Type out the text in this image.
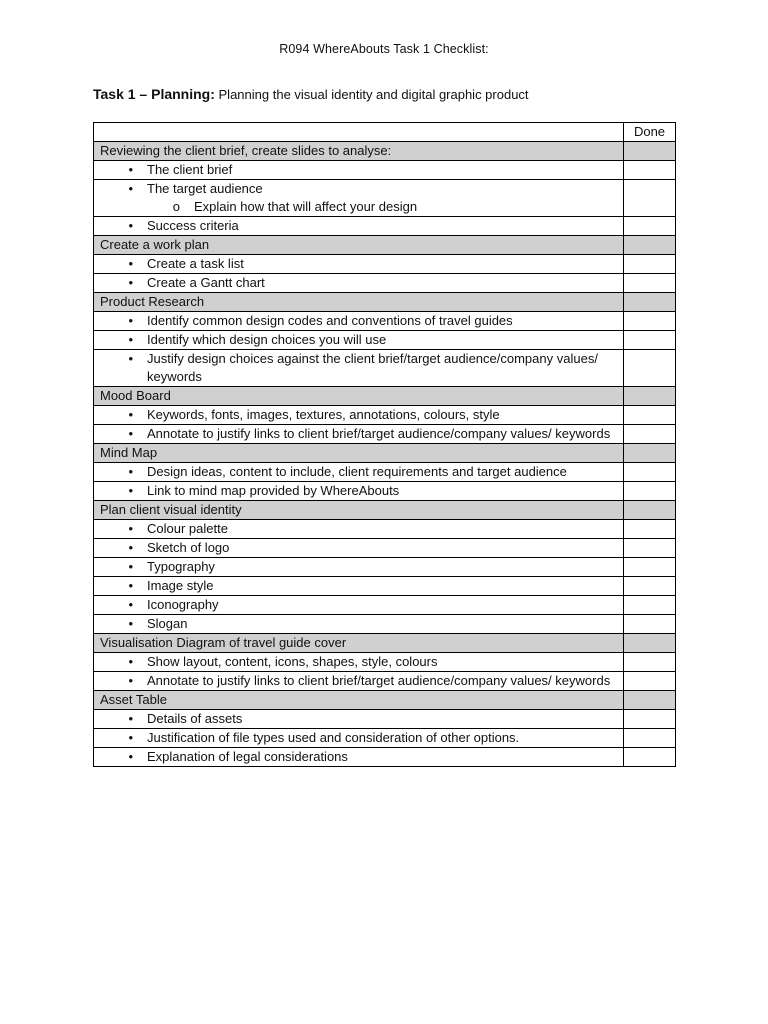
R094 WhereAbouts Task 1 Checklist:
Task 1 – Planning: Planning the visual identity and digital graphic product
	Done
Reviewing the client brief, create slides to analyse:	

• The client brief	

• The target audience
o Explain how that will affect your design	

• Success criteria	

Create a work plan	

• Create a task list	

• Create a Gantt chart	

Product Research	

• Identify common design codes and conventions of travel guides	

• Identify which design choices you will use	

• Justify design choices against the client brief/target audience/company values/ keywords	

Mood Board	

• Keywords, fonts, images, textures, annotations, colours, style	

• Annotate to justify links to client brief/target audience/company values/ keywords	

Mind Map	

• Design ideas, content to include, client requirements and target audience	

• Link to mind map provided by WhereAbouts	

Plan client visual identity	

• Colour palette	

• Sketch of logo	

• Typography	

• Image style	

• Iconography	

• Slogan	

Visualisation Diagram of travel guide cover	

• Show layout, content, icons, shapes, style, colours	

• Annotate to justify links to client brief/target audience/company values/ keywords	

Asset Table	

• Details of assets	

• Justification of file types used and consideration of other options.	

• Explanation of legal considerations	
